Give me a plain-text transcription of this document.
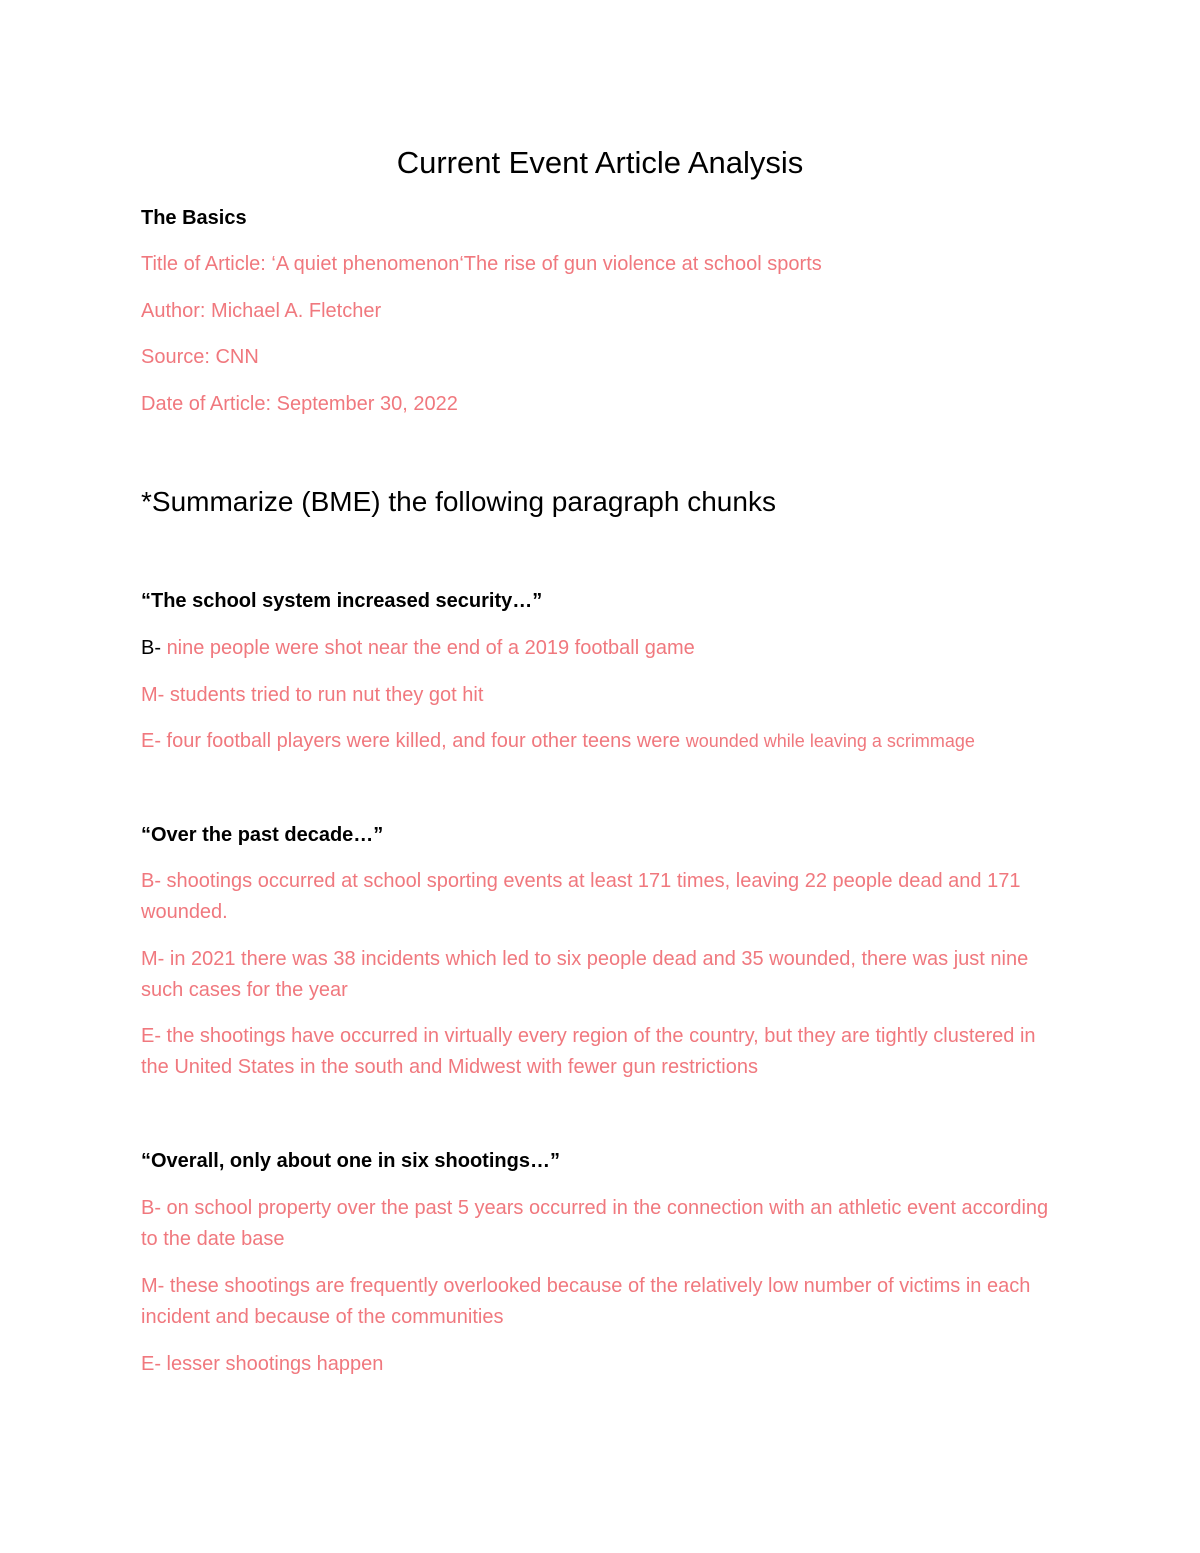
Current Event Article Analysis

The Basics

Title of Article: ‘A quiet phenomenon‘The rise of gun violence at school sports

Author: Michael A. Fletcher

Source: CNN

Date of Article: September 30, 2022

*Summarize (BME) the following paragraph chunks

“The school system increased security…”

B- nine people were shot near the end of a 2019 football game

M- students tried to run nut they got hit

E- four football players were killed, and four other teens were wounded while leaving a scrimmage

“Over the past decade…”

B- shootings occurred at school sporting events at least 171 times, leaving 22 people dead and 171 wounded.

M- in 2021 there was 38 incidents which led to six people dead and 35 wounded, there was just nine such cases for the year

E- the shootings have occurred in virtually every region of the country, but they are tightly clustered in the United States in the south and Midwest with fewer gun restrictions

“Overall, only about one in six shootings…”

B- on school property over the past 5 years occurred in the connection with an athletic event according to the date base

M- these shootings are frequently overlooked because of the relatively low number of victims in each incident and because of the communities

E- lesser shootings happen
